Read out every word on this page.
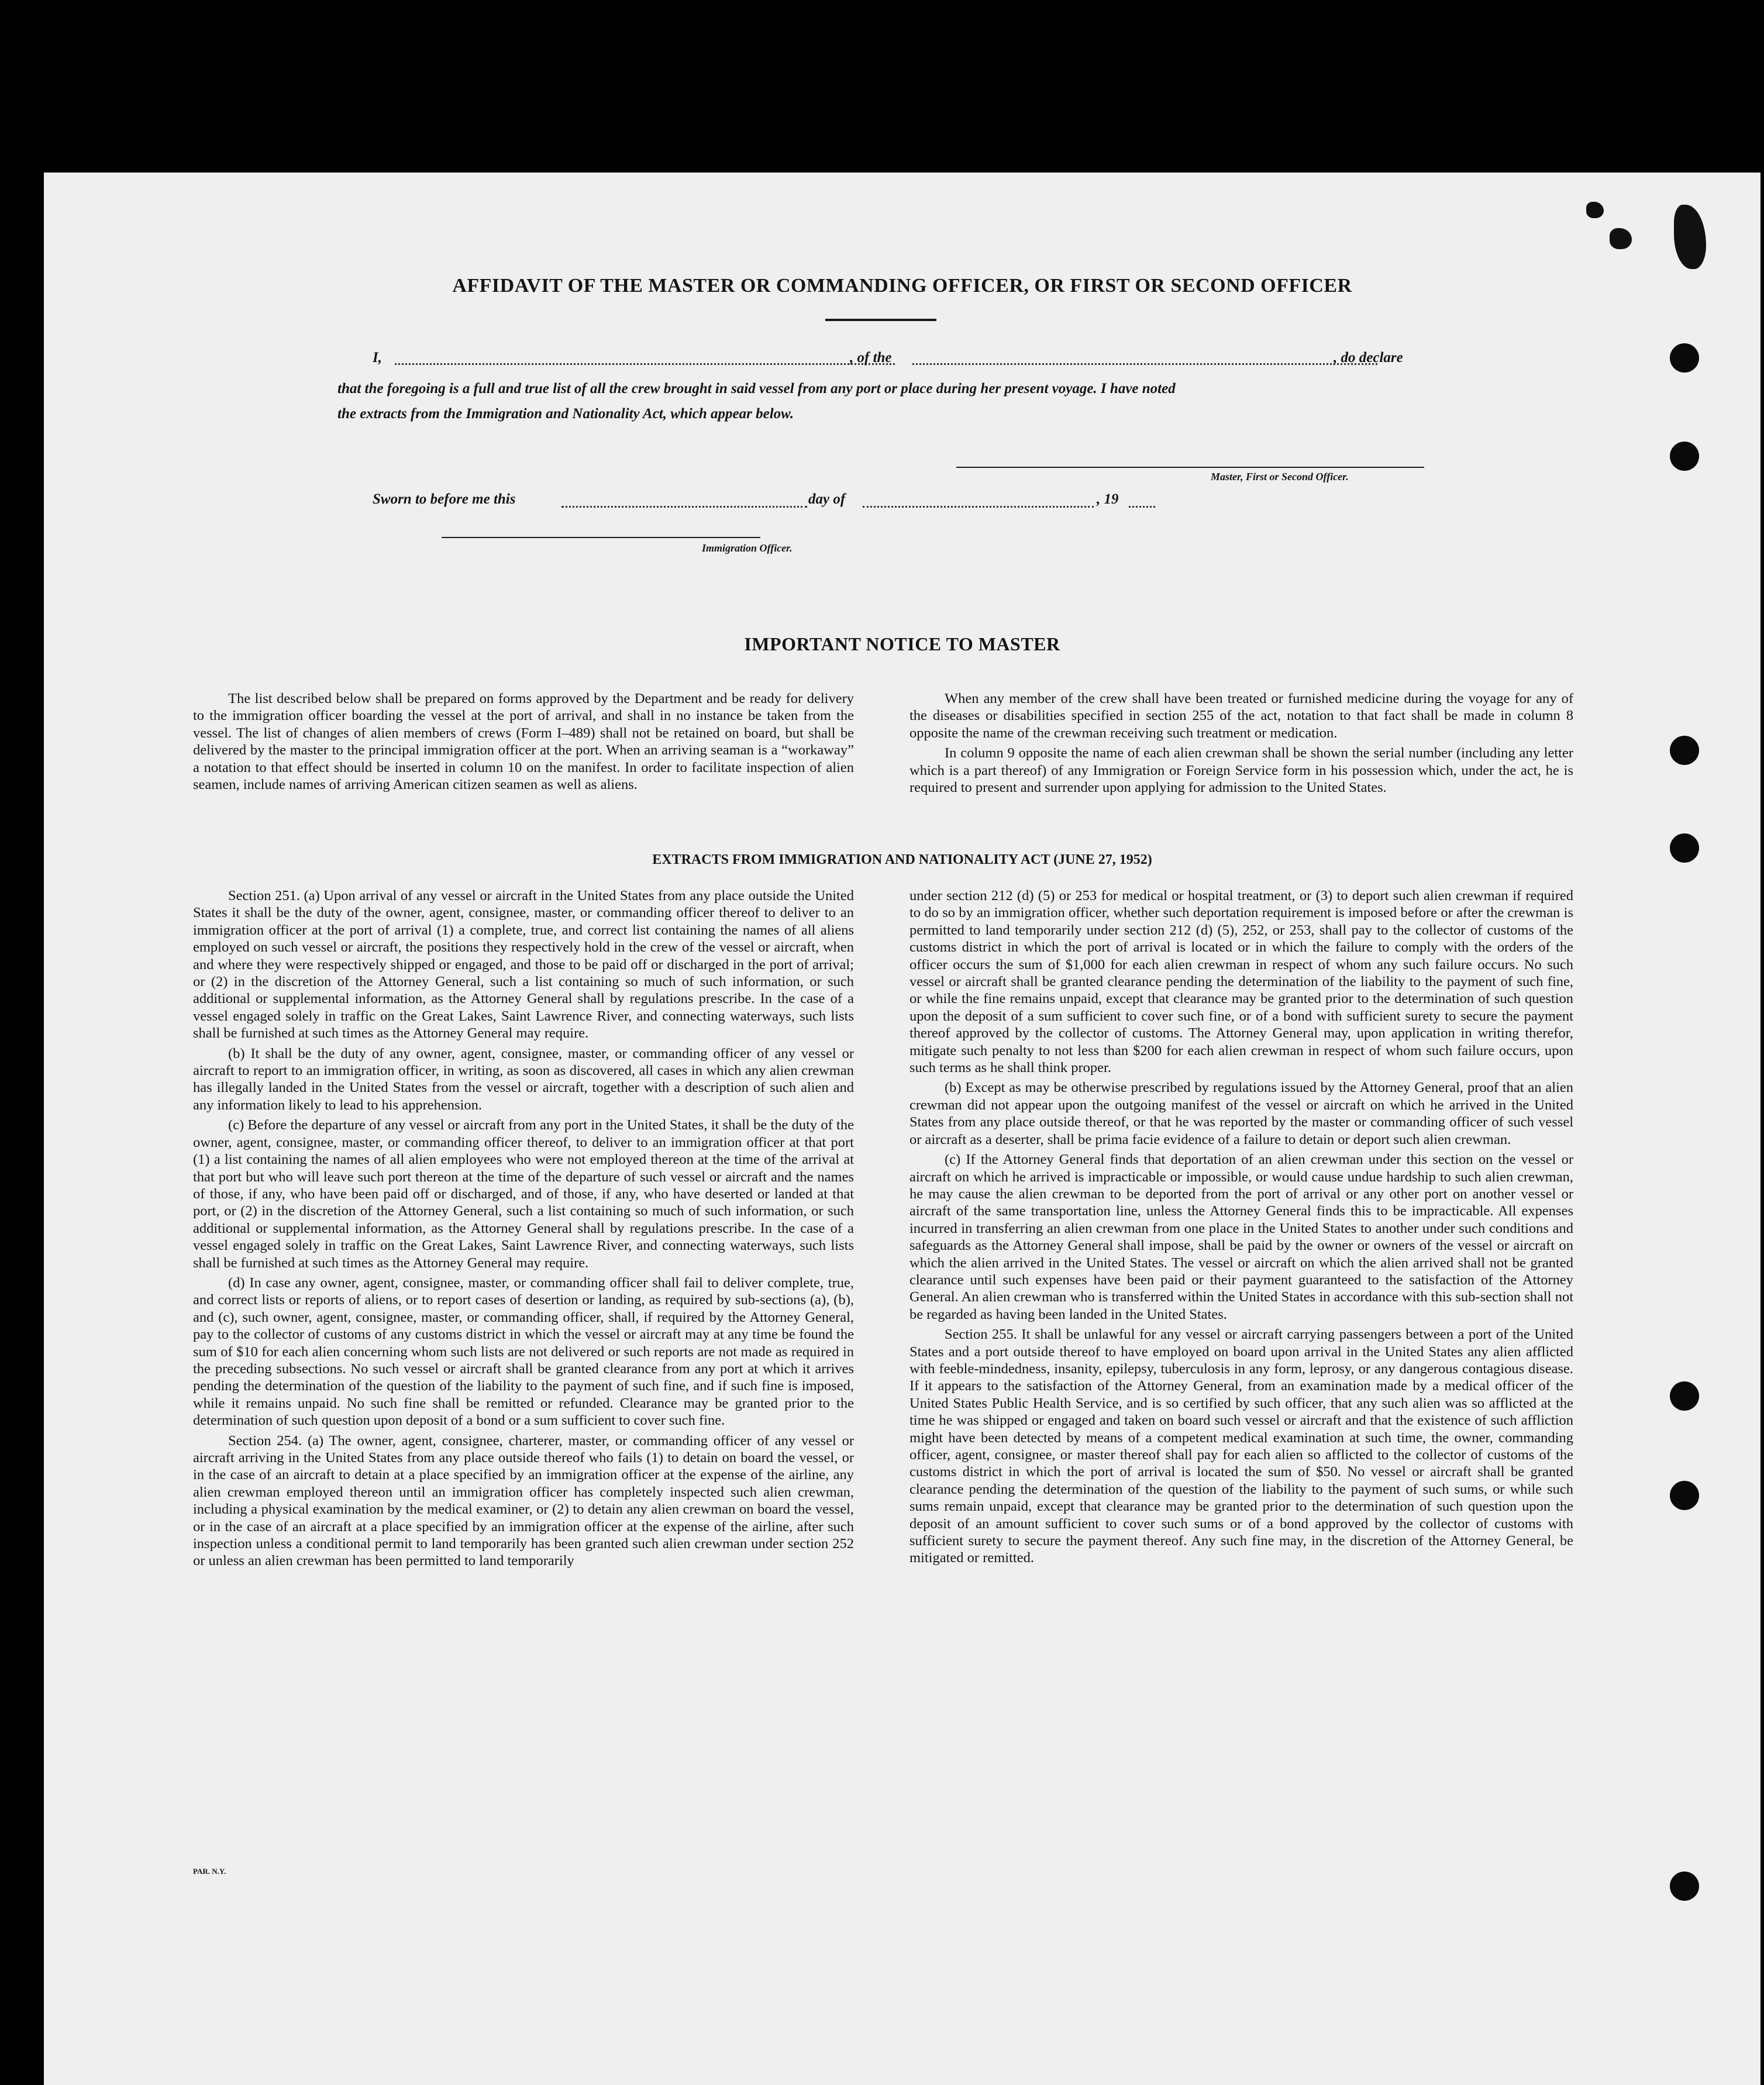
AFFIDAVIT OF THE MASTER OR COMMANDING OFFICER, OR FIRST OR SECOND OFFICER
I,	, of the	, do declare
that the foregoing is a full and true list of all the crew brought in said vessel from any port or place during her present voyage. I have noted
the extracts from the Immigration and Nationality Act, which appear below.
Master, First or Second Officer.
Sworn to before me this	day of	, 19
Immigration Officer.
IMPORTANT NOTICE TO MASTER

The list described below shall be prepared on forms approved by the Department and be ready for delivery to the immigration officer boarding the vessel at the port of arrival, and shall in no instance be taken from the vessel. The list of changes of alien members of crews (Form I–489) shall not be retained on board, but shall be delivered by the master to the principal immigration officer at the port. When an arriving seaman is a “workaway” a notation to that effect should be inserted in column 10 on the manifest. In order to facilitate inspection of alien seamen, include names of arriving American citizen seamen as well as aliens.

When any member of the crew shall have been treated or furnished medicine during the voyage for any of the diseases or disabilities specified in section 255 of the act, notation to that fact shall be made in column 8 opposite the name of the crewman receiving such treatment or medication.

In column 9 opposite the name of each alien crewman shall be shown the serial number (including any letter which is a part thereof) of any Immigration or Foreign Service form in his possession which, under the act, he is required to present and surrender upon applying for admission to the United States.

EXTRACTS FROM IMMIGRATION AND NATIONALITY ACT (JUNE 27, 1952)

Section 251. (a) Upon arrival of any vessel or aircraft in the United States from any place outside the United States it shall be the duty of the owner, agent, consignee, master, or commanding officer thereof to deliver to an immigration officer at the port of arrival (1) a complete, true, and correct list containing the names of all aliens employed on such vessel or aircraft, the positions they respectively hold in the crew of the vessel or aircraft, when and where they were respectively shipped or engaged, and those to be paid off or discharged in the port of arrival; or (2) in the discretion of the Attorney General, such a list containing so much of such information, or such additional or supplemental information, as the Attorney General shall by regulations prescribe. In the case of a vessel engaged solely in traffic on the Great Lakes, Saint Lawrence River, and connecting waterways, such lists shall be furnished at such times as the Attorney General may require.

(b) It shall be the duty of any owner, agent, consignee, master, or commanding officer of any vessel or aircraft to report to an immigration officer, in writing, as soon as discovered, all cases in which any alien crewman has illegally landed in the United States from the vessel or aircraft, together with a description of such alien and any information likely to lead to his apprehension.

(c) Before the departure of any vessel or aircraft from any port in the United States, it shall be the duty of the owner, agent, consignee, master, or commanding officer thereof, to deliver to an immigration officer at that port (1) a list containing the names of all alien employees who were not employed thereon at the time of the arrival at that port but who will leave such port thereon at the time of the departure of such vessel or aircraft and the names of those, if any, who have been paid off or discharged, and of those, if any, who have deserted or landed at that port, or (2) in the discretion of the Attorney General, such a list containing so much of such information, or such additional or supplemental information, as the Attorney General shall by regulations prescribe. In the case of a vessel engaged solely in traffic on the Great Lakes, Saint Lawrence River, and connecting waterways, such lists shall be furnished at such times as the Attorney General may require.

(d) In case any owner, agent, consignee, master, or commanding officer shall fail to deliver complete, true, and correct lists or reports of aliens, or to report cases of desertion or landing, as required by sub-sections (a), (b), and (c), such owner, agent, consignee, master, or commanding officer, shall, if required by the Attorney General, pay to the collector of customs of any customs district in which the vessel or aircraft may at any time be found the sum of $10 for each alien concerning whom such lists are not delivered or such reports are not made as required in the preceding subsections. No such vessel or aircraft shall be granted clearance from any port at which it arrives pending the determination of the question of the liability to the payment of such fine, and if such fine is imposed, while it remains unpaid. No such fine shall be remitted or refunded. Clearance may be granted prior to the determination of such question upon deposit of a bond or a sum sufficient to cover such fine.

Section 254. (a) The owner, agent, consignee, charterer, master, or commanding officer of any vessel or aircraft arriving in the United States from any place outside thereof who fails (1) to detain on board the vessel, or in the case of an aircraft to detain at a place specified by an immigration officer at the expense of the airline, any alien crewman employed thereon until an immigration officer has completely inspected such alien crewman, including a physical examination by the medical examiner, or (2) to detain any alien crewman on board the vessel, or in the case of an aircraft at a place specified by an immigration officer at the expense of the airline, after such inspection unless a conditional permit to land temporarily has been granted such alien crewman under section 252 or unless an alien crewman has been permitted to land temporarily

under section 212 (d) (5) or 253 for medical or hospital treatment, or (3) to deport such alien crewman if required to do so by an immigration officer, whether such deportation requirement is imposed before or after the crewman is permitted to land temporarily under section 212 (d) (5), 252, or 253, shall pay to the collector of customs of the customs district in which the port of arrival is located or in which the failure to comply with the orders of the officer occurs the sum of $1,000 for each alien crewman in respect of whom any such failure occurs. No such vessel or aircraft shall be granted clearance pending the determination of the liability to the payment of such fine, or while the fine remains unpaid, except that clearance may be granted prior to the determination of such question upon the deposit of a sum sufficient to cover such fine, or of a bond with sufficient surety to secure the payment thereof approved by the collector of customs. The Attorney General may, upon application in writing therefor, mitigate such penalty to not less than $200 for each alien crewman in respect of whom such failure occurs, upon such terms as he shall think proper.

(b) Except as may be otherwise prescribed by regulations issued by the Attorney General, proof that an alien crewman did not appear upon the outgoing manifest of the vessel or aircraft on which he arrived in the United States from any place outside thereof, or that he was reported by the master or commanding officer of such vessel or aircraft as a deserter, shall be prima facie evidence of a failure to detain or deport such alien crewman.

(c) If the Attorney General finds that deportation of an alien crewman under this section on the vessel or aircraft on which he arrived is impracticable or impossible, or would cause undue hardship to such alien crewman, he may cause the alien crewman to be deported from the port of arrival or any other port on another vessel or aircraft of the same transportation line, unless the Attorney General finds this to be impracticable. All expenses incurred in transferring an alien crewman from one place in the United States to another under such conditions and safeguards as the Attorney General shall impose, shall be paid by the owner or owners of the vessel or aircraft on which the alien arrived in the United States. The vessel or aircraft on which the alien arrived shall not be granted clearance until such expenses have been paid or their payment guaranteed to the satisfaction of the Attorney General. An alien crewman who is transferred within the United States in accordance with this sub-section shall not be regarded as having been landed in the United States.

Section 255. It shall be unlawful for any vessel or aircraft carrying passengers between a port of the United States and a port outside thereof to have employed on board upon arrival in the United States any alien afflicted with feeble-mindedness, insanity, epilepsy, tuberculosis in any form, leprosy, or any dangerous contagious disease. If it appears to the satisfaction of the Attorney General, from an examination made by a medical officer of the United States Public Health Service, and is so certified by such officer, that any such alien was so afflicted at the time he was shipped or engaged and taken on board such vessel or aircraft and that the existence of such affliction might have been detected by means of a competent medical examination at such time, the owner, commanding officer, agent, consignee, or master thereof shall pay for each alien so afflicted to the collector of customs of the customs district in which the port of arrival is located the sum of $50. No vessel or aircraft shall be granted clearance pending the determination of the question of the liability to the payment of such sums, or while such sums remain unpaid, except that clearance may be granted prior to the determination of such question upon the deposit of an amount sufficient to cover such sums or of a bond approved by the collector of customs with sufficient surety to secure the payment thereof. Any such fine may, in the discretion of the Attorney General, be mitigated or remitted.

PAR. N.Y.
